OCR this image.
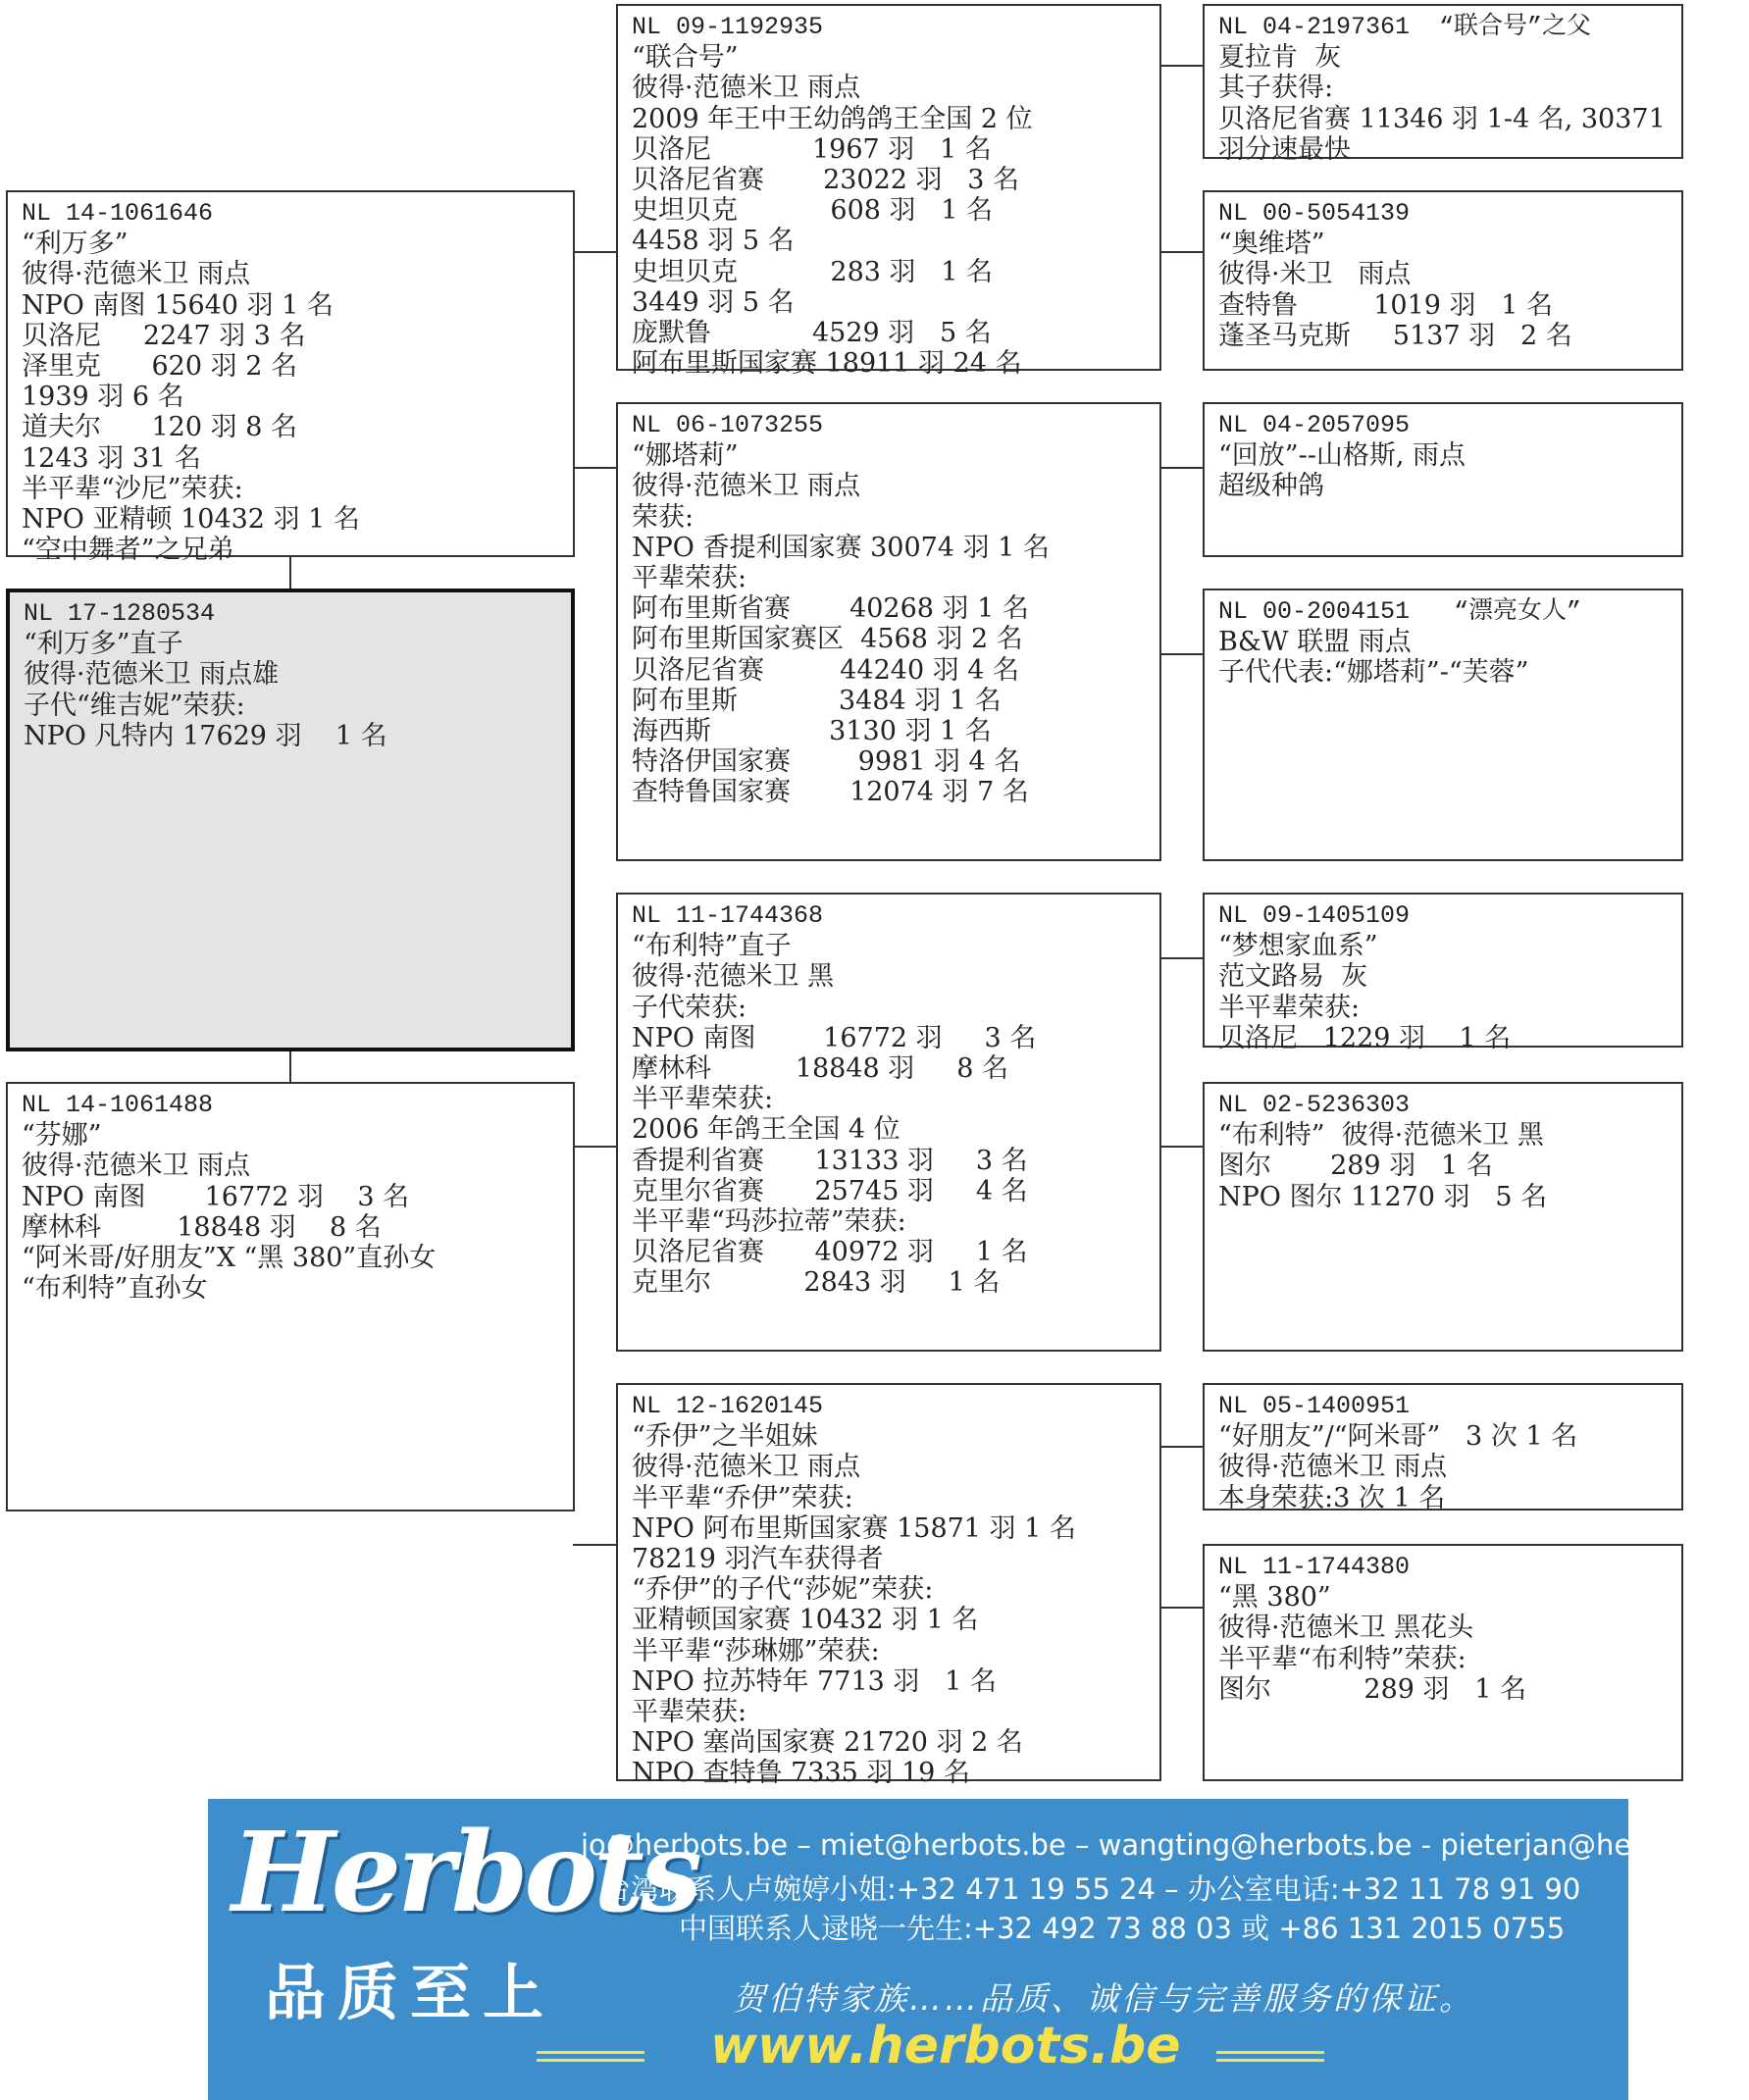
NL 14-1061646
“利万多”
彼得·范德米卫 雨点
NPO 南图 15640 羽 1 名
贝洛尼     2247 羽 3 名
泽里克      620 羽 2 名
1939 羽 6 名
道夫尔      120 羽 8 名
1243 羽 31 名
半平辈“沙尼”荣获:
NPO 亚精顿 10432 羽 1 名
“空中舞者”之兄弟
NL 17-1280534
“利万多”直子
彼得·范德米卫 雨点雄
子代“维吉妮”荣获:
NPO 凡特内 17629 羽    1 名
NL 14-1061488
“芬娜”
彼得·范德米卫 雨点
NPO 南图       16772 羽    3 名
摩林科         18848 羽    8 名
“阿米哥/好朋友”X “黑 380”直孙女
“布利特”直孙女
NL 09-1192935
“联合号”
彼得·范德米卫 雨点
2009 年王中王幼鸽鸽王全国 2 位
贝洛尼            1967 羽   1 名
贝洛尼省赛       23022 羽   3 名
史坦贝克           608 羽   1 名
4458 羽 5 名
史坦贝克           283 羽   1 名
3449 羽 5 名
庞默鲁            4529 羽   5 名
阿布里斯国家赛 18911 羽 24 名
NL 06-1073255
“娜塔莉”
彼得·范德米卫 雨点
荣获:
NPO 香提利国家赛 30074 羽 1 名
平辈荣获:
阿布里斯省赛       40268 羽 1 名
阿布里斯国家赛区  4568 羽 2 名
贝洛尼省赛         44240 羽 4 名
阿布里斯            3484 羽 1 名
海西斯              3130 羽 1 名
特洛伊国家赛        9981 羽 4 名
查特鲁国家赛       12074 羽 7 名
NL 11-1744368
“布利特”直子
彼得·范德米卫 黑
子代荣获:
NPO 南图        16772 羽     3 名
摩林科          18848 羽     8 名
半平辈荣获:
2006 年鸽王全国 4 位
香提利省赛      13133 羽     3 名
克里尔省赛      25745 羽     4 名
半平辈“玛莎拉蒂”荣获:
贝洛尼省赛      40972 羽     1 名
克里尔           2843 羽     1 名
NL 12-1620145
“乔伊”之半姐妹
彼得·范德米卫 雨点
半平辈“乔伊”荣获:
NPO 阿布里斯国家赛 15871 羽 1 名
78219 羽汽车获得者
“乔伊”的子代“莎妮”荣获:
亚精顿国家赛 10432 羽 1 名
半平辈“莎琳娜”荣获:
NPO 拉苏特年 7713 羽   1 名
平辈荣获:
NPO 塞尚国家赛 21720 羽 2 名
NPO 查特鲁 7335 羽 19 名
NL 04-2197361  “联合号”之父
夏拉肯  灰
其子获得:
贝洛尼省赛 11346 羽 1-4 名, 30371
羽分速最快
NL 00-5054139
“奥维塔”
彼得·米卫   雨点
查特鲁         1019 羽   1 名
蓬圣马克斯     5137 羽   2 名
NL 04-2057095
“回放”--山格斯, 雨点
超级种鸽
NL 00-2004151   “漂亮女人”
B&W 联盟 雨点
子代代表:“娜塔莉”-“芙蓉”
NL 09-1405109
“梦想家血系”
范文路易  灰
半平辈荣获:
贝洛尼   1229 羽    1 名
NL 02-5236303
“布利特”  彼得·范德米卫 黑
图尔       289 羽   1 名
NPO 图尔 11270 羽   5 名
NL 05-1400951
“好朋友”/“阿米哥”   3 次 1 名
彼得·范德米卫 雨点
本身荣获:3 次 1 名
NL 11-1744380
“黑 380”
彼得·范德米卫 黑花头
半平辈“布利特”荣获:
图尔           289 羽   1 名
Herbots
品质至上
jo@herbots.be – miet@herbots.be – wangting@herbots.be - pieterjan@herbots.be
台湾联系人卢婉婷小姐:+32 471 19 55 24 – 办公室电话:+32 11 78 91 90
中国联系人逯晓一先生:+32 492 73 88 03 或 +86 131 2015 0755
贺伯特家族……品质、诚信与完善服务的保证。
www.herbots.be
